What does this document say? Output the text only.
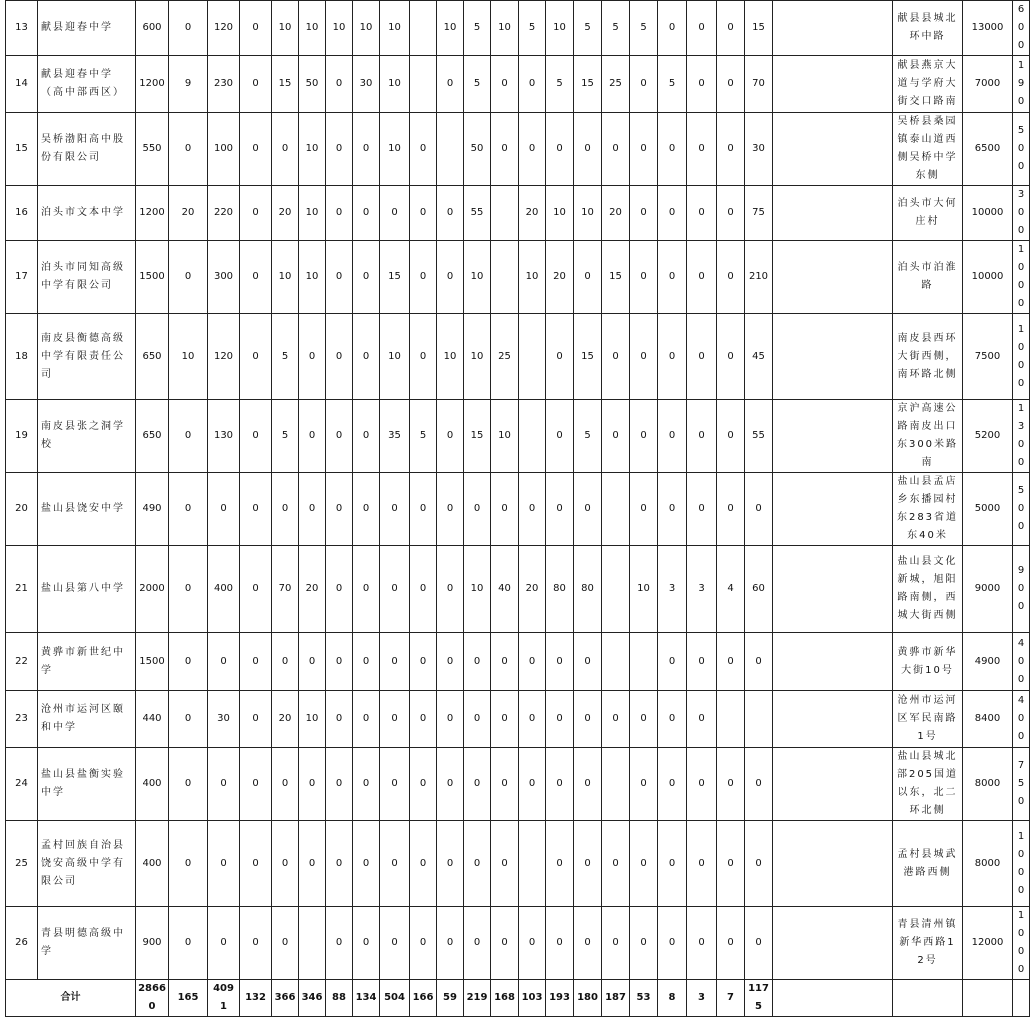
13	献县迎春中学	600	0	120	0	10	10	10	10	10		10	5	10	5	10	5	5	5	0	0	0	15		献县县城北环中路	13000	600
14	献县迎春中学（高中部西区）	1200	9	230	0	15	50	0	30	10		0	5	0	0	5	15	25	0	5	0	0	70		献县燕京大道与学府大街交口路南	7000	190
15	吴桥渤阳高中股份有限公司	550	0	100	0	0	10	0	0	10	0		50	0	0	0	0	0	0	0	0	0	30		吴桥县桑园镇泰山道西侧吴桥中学东侧	6500	500
16	泊头市文本中学	1200	20	220	0	20	10	0	0	0	0	0	55		20	10	10	20	0	0	0	0	75		泊头市大何庄村	10000	300
17	泊头市同知高级中学有限公司	1500	0	300	0	10	10	0	0	15	0	0	10		10	20	0	15	0	0	0	0	210		泊头市泊淮路	10000	1000
18	南皮县衡德高级中学有限责任公司	650	10	120	0	5	0	0	0	10	0	10	10	25		0	15	0	0	0	0	0	45		南皮县西环大街西侧，南环路北侧	7500	1000
19	南皮县张之洞学校	650	0	130	0	5	0	0	0	35	5	0	15	10		0	5	0	0	0	0	0	55		京沪高速公路南皮出口东300米路南	5200	1300
20	盐山县饶安中学	490	0	0	0	0	0	0	0	0	0	0	0	0	0	0	0		0	0	0	0	0		盐山县孟店乡东播园村东283省道东40米	5000	500
21	盐山县第八中学	2000	0	400	0	70	20	0	0	0	0	0	10	40	20	80	80		10	3	3	4	60		盐山县文化新城，旭阳路南侧，西城大街西侧	9000	900
22	黄骅市新世纪中学	1500	0	0	0	0	0	0	0	0	0	0	0	0	0	0	0			0	0	0	0		黄骅市新华大街10号	4900	400
23	沧州市运河区颐和中学	440	0	30	0	20	10	0	0	0	0	0	0	0	0	0	0	0	0	0	0				沧州市运河区军民南路1号	8400	400
24	盐山县盐衡实验中学	400	0	0	0	0	0	0	0	0	0	0	0	0	0	0	0		0	0	0	0	0		盐山县城北部205国道以东，北二环北侧	8000	750
25	孟村回族自治县饶安高级中学有限公司	400	0	0	0	0	0	0	0	0	0	0	0	0		0	0	0	0	0	0	0	0		孟村县城武港路西侧	8000	1000
26	青县明德高级中学	900	0	0	0	0		0	0	0	0	0	0	0	0	0	0	0	0	0	0	0	0		青县清州镇新华西路12号	12000	1000
合计		28660	165	4091	132	366	346	88	134	504	166	59	219	168	103	193	180	187	53	8	3	7	1175				
